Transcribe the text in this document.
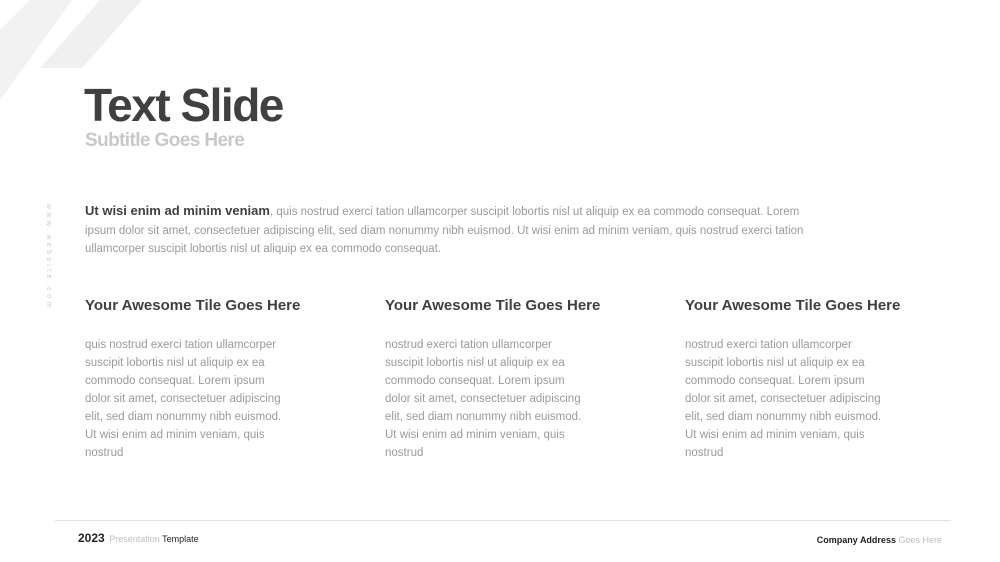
www.website.com
Text Slide
Subtitle Goes Here

Ut wisi enim ad minim veniam, quis nostrud exerci tation ullamcorper suscipit lobortis nisl ut aliquip ex ea commodo consequat. Lorem ipsum dolor sit amet, consectetuer adipiscing elit, sed diam nonummy nibh euismod. Ut wisi enim ad minim veniam, quis nostrud exerci tation ullamcorper suscipit lobortis nisl ut aliquip ex ea commodo consequat.

Your Awesome Tile Goes Here

quis nostrud exerci tation ullamcorper suscipit lobortis nisl ut aliquip ex ea commodo consequat. Lorem ipsum dolor sit amet, consectetuer adipiscing elit, sed diam nonummy nibh euismod. Ut wisi enim ad minim veniam, quis nostrud

Your Awesome Tile Goes Here

nostrud exerci tation ullamcorper suscipit lobortis nisl ut aliquip ex ea commodo consequat. Lorem ipsum dolor sit amet, consectetuer adipiscing elit, sed diam nonummy nibh euismod. Ut wisi enim ad minim veniam, quis nostrud

Your Awesome Tile Goes Here

nostrud exerci tation ullamcorper suscipit lobortis nisl ut aliquip ex ea commodo consequat. Lorem ipsum dolor sit amet, consectetuer adipiscing elit, sed diam nonummy nibh euismod. Ut wisi enim ad minim veniam, quis nostrud

2023 Presentation Template	Company Address Goes Here
